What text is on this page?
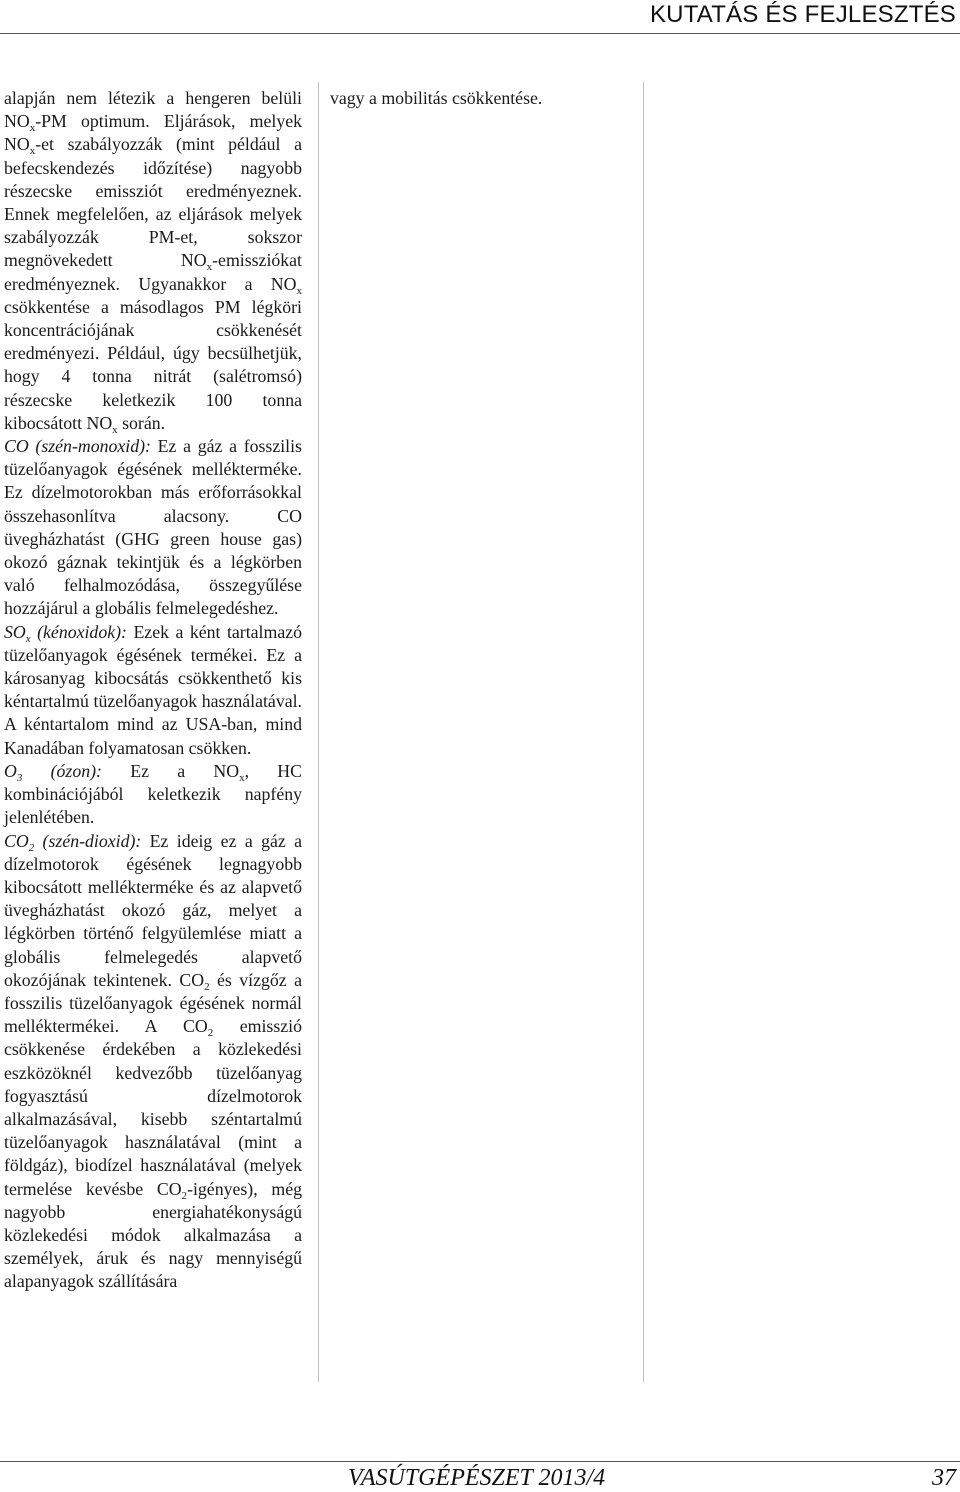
KUTATÁS ÉS FEJLESZTÉS

alapján nem létezik a hengeren belüli $NO_x-PM$ optimum. Eljárások, melyek $NO_x-et$ szabályozzák (mint például a befecskendezés időzítése) nagyobb részecske emissziót eredményeznek. Ennek megfelelően, az eljárások melyek szabályozzák PM-et, sokszor megnövekedett $NO_x$-emissziókat eredményeznek. Ugyanakkor a $NO_x$ csökkentése a másodlagos PM légköri koncentrációjának csökkenését eredményezi. Például, úgy becsülhetjük, hogy 4 tonna nitrát (salétromsó) részecske keletkezik 100 tonna kibocsátott $NO_x$ során.

CO (szén-monoxid): Ez a gáz a fosszilis tüzelőanyagok égésének mellékterméke. Ez dízelmotorokban más erőforrásokkal összehasonlítva alacsony. CO üvegházhatást (GHG green house gas) okozó gáznak tekintjük és a légkörben való felhalmozódása, összegyűlése hozzájárul a globális felmelegedéshez.

$SO_x$ (kénoxidok): Ezek a ként tartalmazó tüzelőanyagok égésének termékei. Ez a károsanyag kibocsátás csökkenthető kis kéntartalmú tüzelőanyagok használatával. A kéntartalom mind az USA-ban, mind Kanadában folyamatosan csökken.

$O_3$ (ózon): Ez a $NO_x$, HC kombinációjából keletkezik napfény jelenlétében.

$CO_2$ (szén-dioxid): Ez ideig ez a gáz a dízelmotorok égésének legnagyobb kibocsátott mellékterméke és az alapvető üvegházhatást okozó gáz, melyet a légkörben történő felgyülemlése miatt a globális felmelegedés alapvető okozójának tekintenek. $CO_2$ és vízgőz a fosszilis tüzelőanyagok égésének normál melléktermékei. A $CO_2$ emisszió csökkenése érdekében a közlekedési eszközöknél kedvezőbb tüzelőanyag fogyasztású dízelmotorok alkalmazásával, kisebb széntartalmú tüzelőanyagok használatával (mint a földgáz), biodízel használatával (melyek termelése kevésbe $CO_2-igényes$), még nagyobb energiahatékonyságú közlekedési módok alkalmazása a személyek, áruk és nagy mennyiségű alapanyagok szállítására

vagy a mobilitás csökkentése.

VASÚTGÉPÉSZET 2013/4	37
